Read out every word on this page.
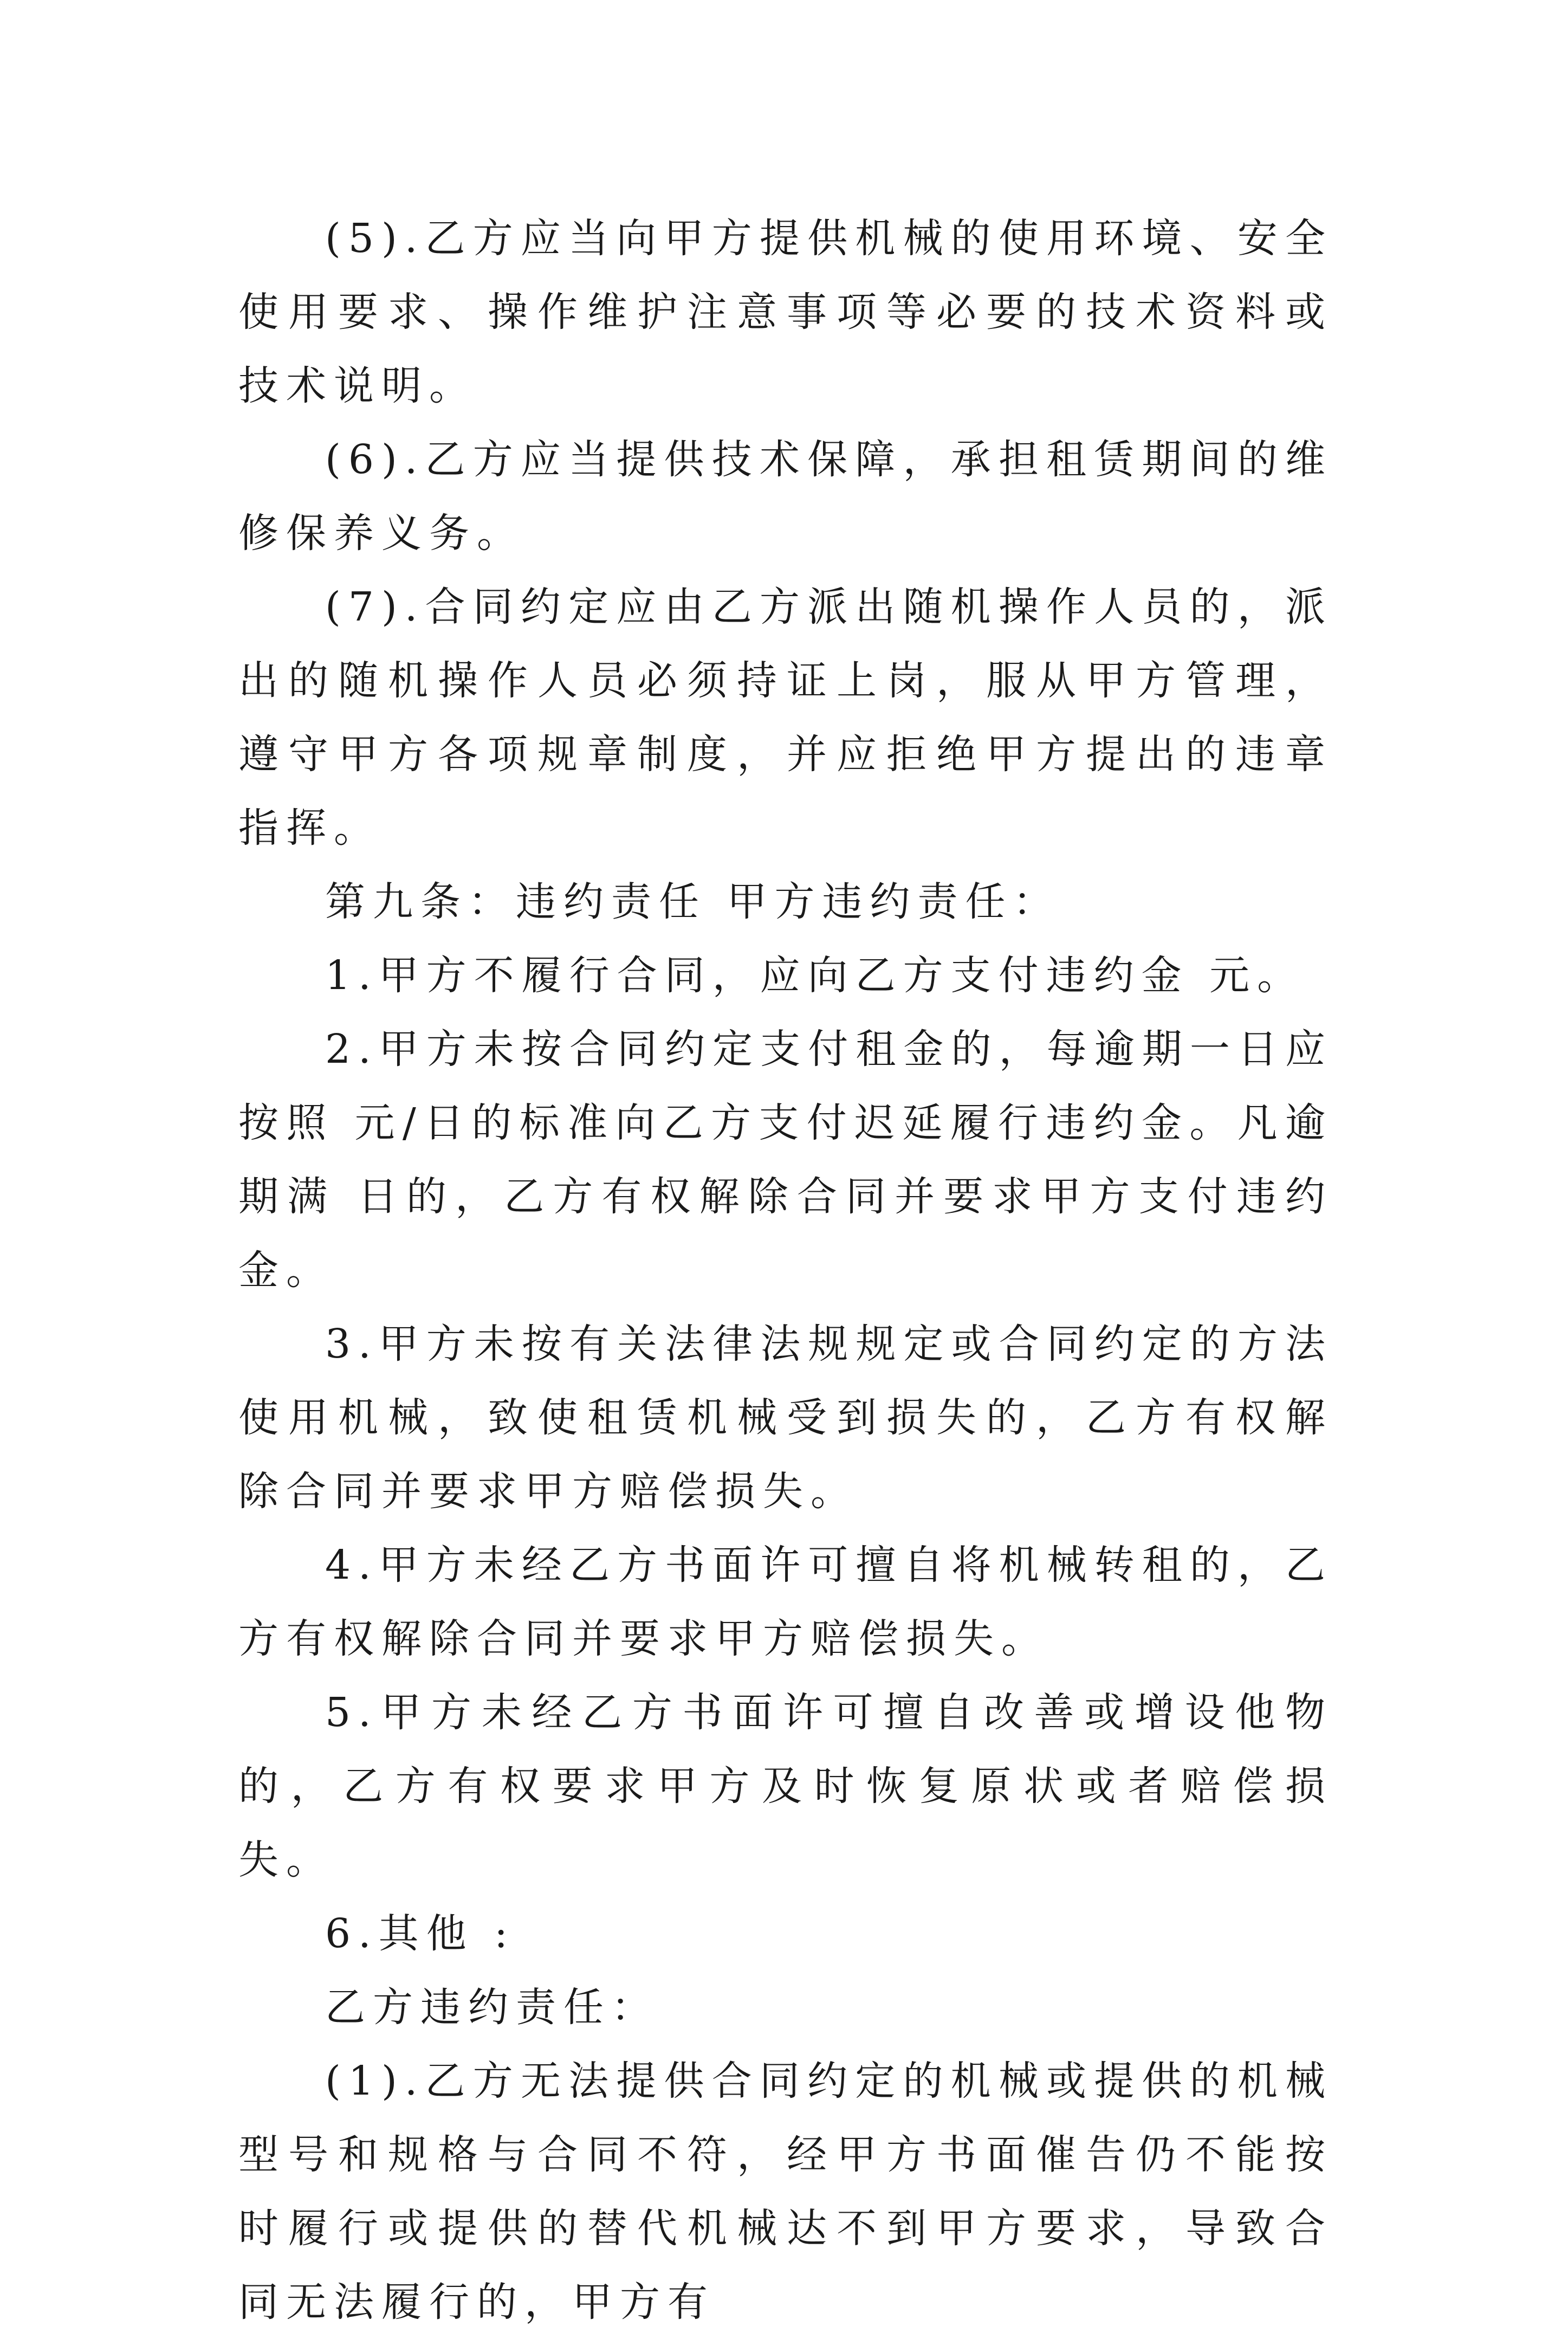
(5).乙方应当向甲方提供机械的使用环境、安全使用要求、操作维护注意事项等必要的技术资料或技术说明。

(6).乙方应当提供技术保障，承担租赁期间的维修保养义务。

(7).合同约定应由乙方派出随机操作人员的，派出的随机操作人员必须持证上岗，服从甲方管理，遵守甲方各项规章制度，并应拒绝甲方提出的违章指挥。

第九条：违约责任 甲方违约责任：

1.甲方不履行合同，应向乙方支付违约金 元。

2.甲方未按合同约定支付租金的，每逾期一日应按照 元/日的标准向乙方支付迟延履行违约金。凡逾期满 日的，乙方有权解除合同并要求甲方支付违约金。

3.甲方未按有关法律法规规定或合同约定的方法使用机械，致使租赁机械受到损失的，乙方有权解除合同并要求甲方赔偿损失。

4.甲方未经乙方书面许可擅自将机械转租的，乙方有权解除合同并要求甲方赔偿损失。

5.甲方未经乙方书面许可擅自改善或增设他物的，乙方有权要求甲方及时恢复原状或者赔偿损失。

6.其他 :

乙方违约责任：

(1).乙方无法提供合同约定的机械或提供的机械型号和规格与合同不符，经甲方书面催告仍不能按时履行或提供的替代机械达不到甲方要求，导致合同无法履行的，甲方有
